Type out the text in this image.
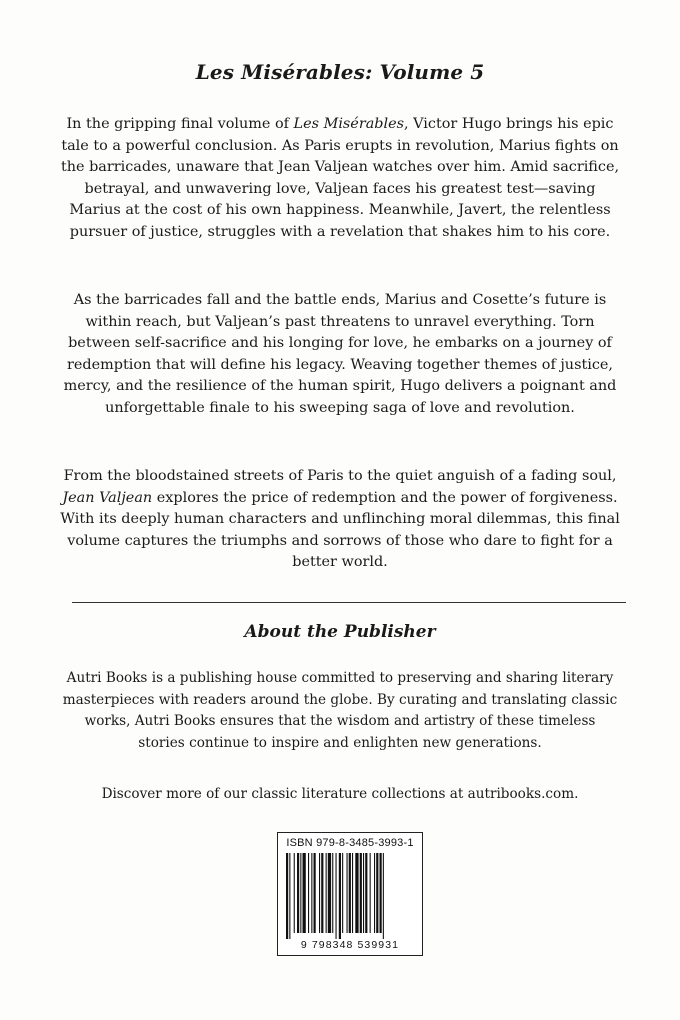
Les Misérables: Volume 5

In the gripping final volume of Les Misérables, Victor Hugo brings his epic tale to a powerful conclusion. As Paris erupts in revolution, Marius fights on the barricades, unaware that Jean Valjean watches over him. Amid sacrifice, betrayal, and unwavering love, Valjean faces his greatest test—saving Marius at the cost of his own happiness. Meanwhile, Javert, the relentless pursuer of justice, struggles with a revelation that shakes him to his core.

As the barricades fall and the battle ends, Marius and Cosette’s future is within reach, but Valjean’s past threatens to unravel everything. Torn between self-sacrifice and his longing for love, he embarks on a journey of redemption that will define his legacy. Weaving together themes of justice, mercy, and the resilience of the human spirit, Hugo delivers a poignant and unforgettable finale to his sweeping saga of love and revolution.

From the bloodstained streets of Paris to the quiet anguish of a fading soul, Jean Valjean explores the price of redemption and the power of forgiveness. With its deeply human characters and unflinching moral dilemmas, this final volume captures the triumphs and sorrows of those who dare to fight for a better world.

About the Publisher

Autri Books is a publishing house committed to preserving and sharing literary masterpieces with readers around the globe. By curating and translating classic works, Autri Books ensures that the wisdom and artistry of these timeless stories continue to inspire and enlighten new generations.

Discover more of our classic literature collections at autribooks.com.

ISBN 979-8-3485-3993-1
9 798348 539931
